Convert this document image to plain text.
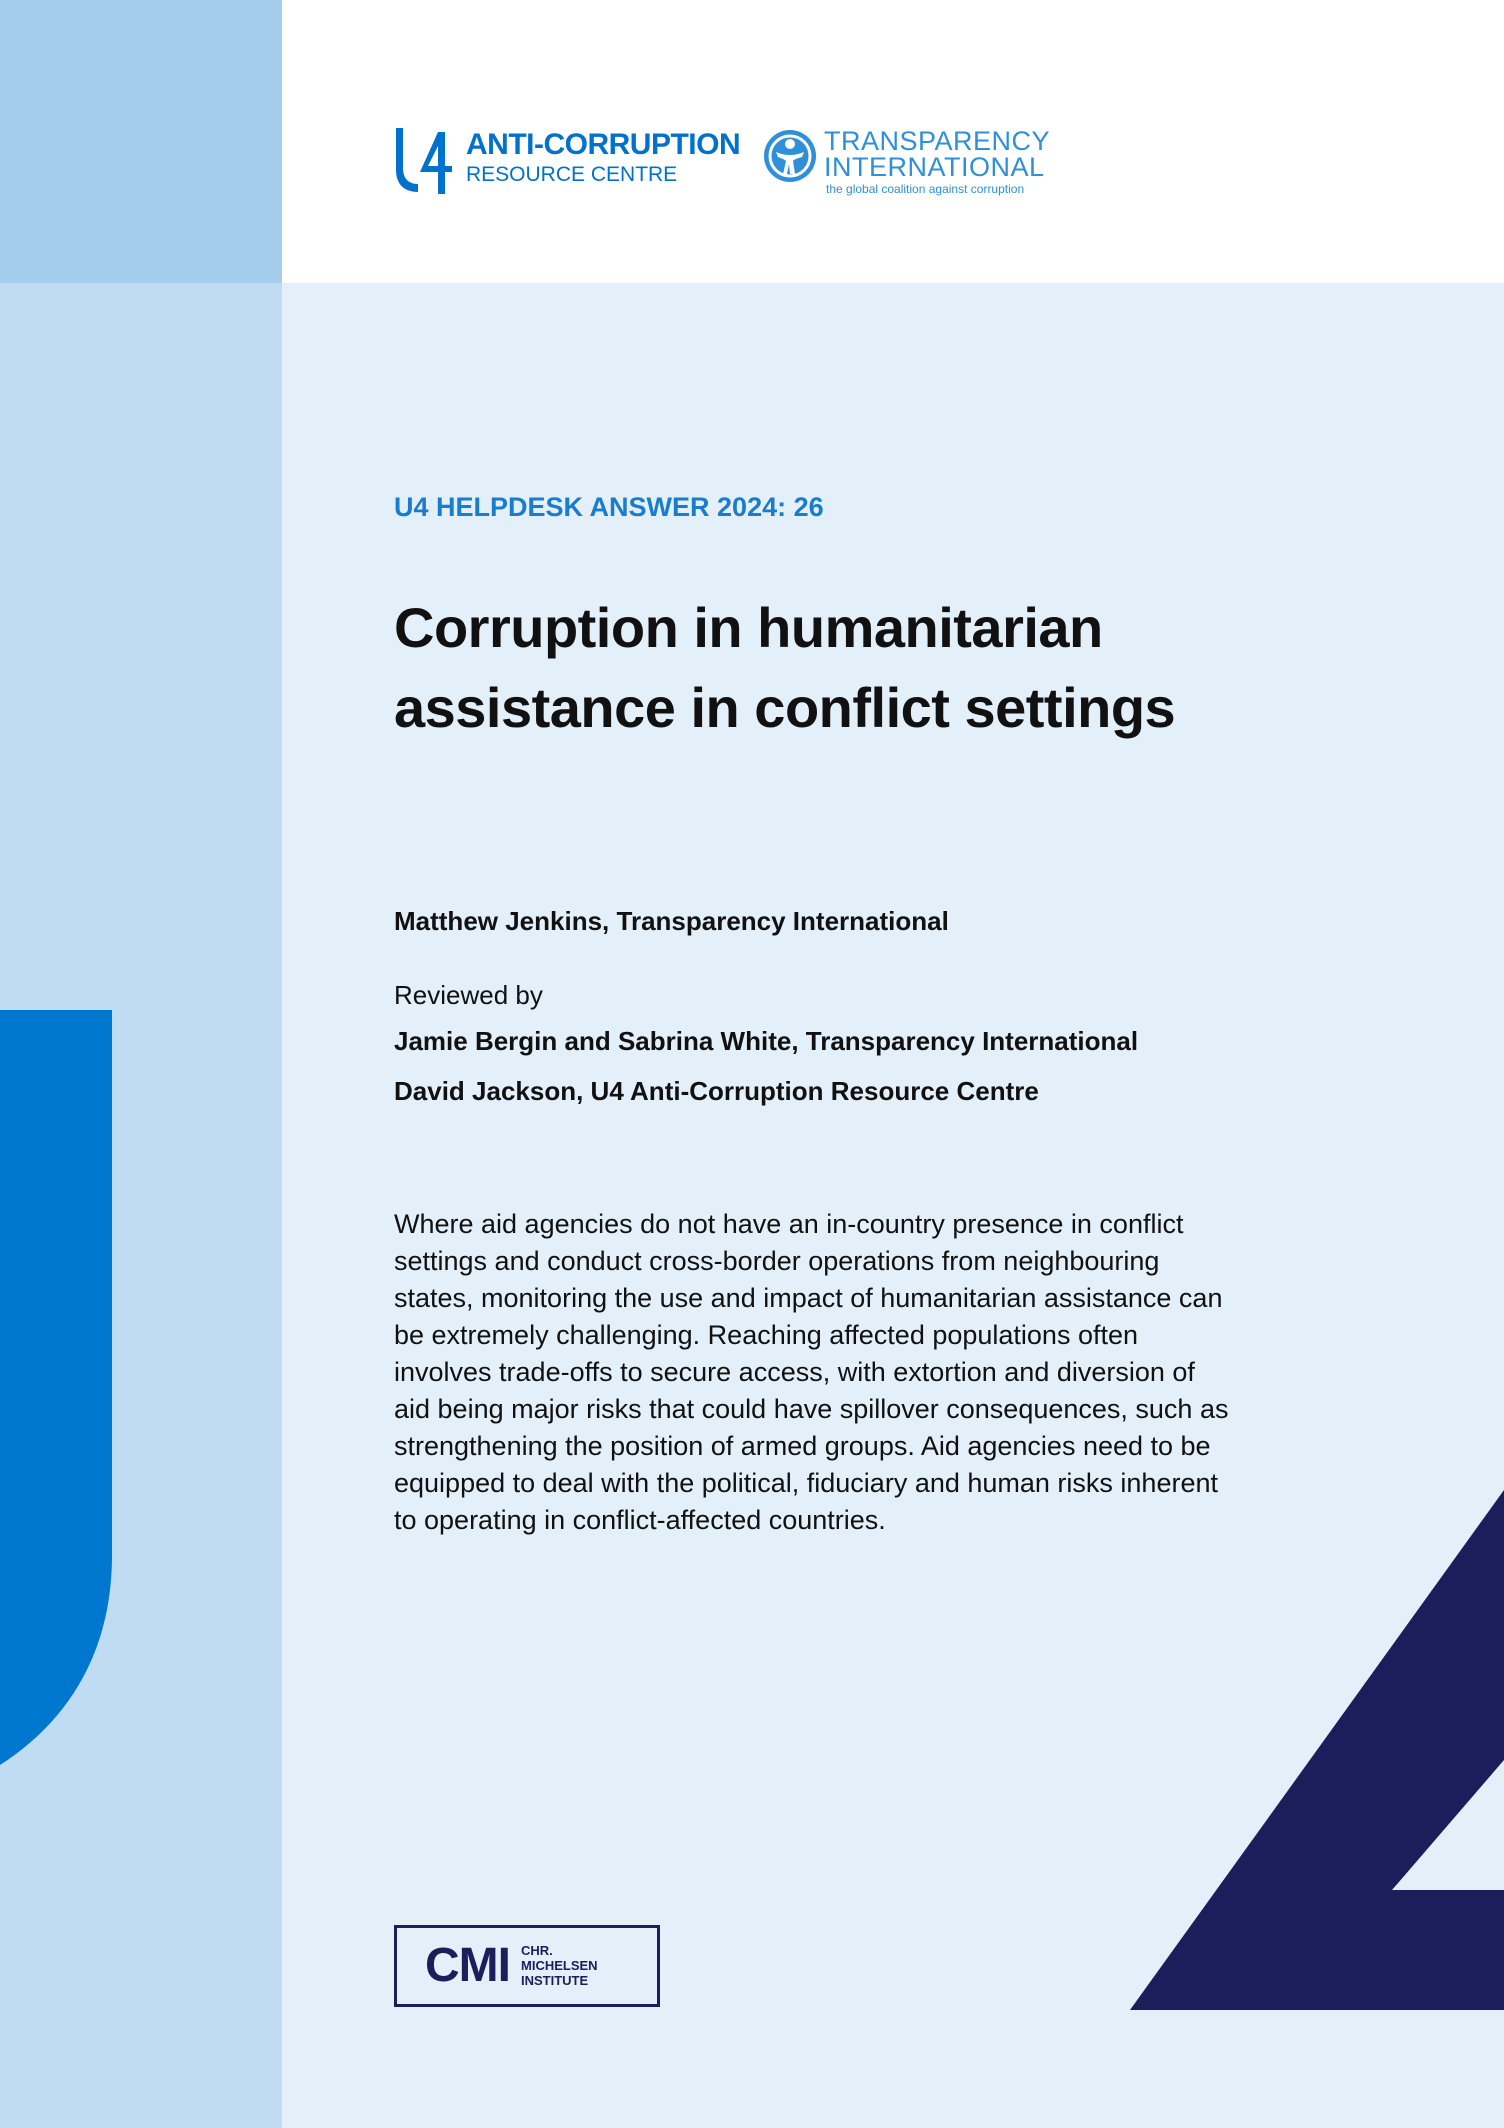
ANTI-CORRUPTION
RESOURCE CENTRE
TRANSPARENCY
INTERNATIONAL
the global coalition against corruption
U4 HELPDESK ANSWER 2024: 26
Corruption in humanitarian assistance in conflict settings
Matthew Jenkins, Transparency International
Reviewed by
Jamie Bergin and Sabrina White, Transparency International
David Jackson, U4 Anti-Corruption Resource Centre

Where aid agencies do not have an in-country presence in conflict settings and conduct cross-border operations from neighbouring states, monitoring the use and impact of humanitarian assistance can be extremely challenging. Reaching affected populations often involves trade-offs to secure access, with extortion and diversion of aid being major risks that could have spillover consequences, such as strengthening the position of armed groups. Aid agencies need to be equipped to deal with the political, fiduciary and human risks inherent to operating in conflict-affected countries.

CMI CHR.
MICHELSEN
INSTITUTE
